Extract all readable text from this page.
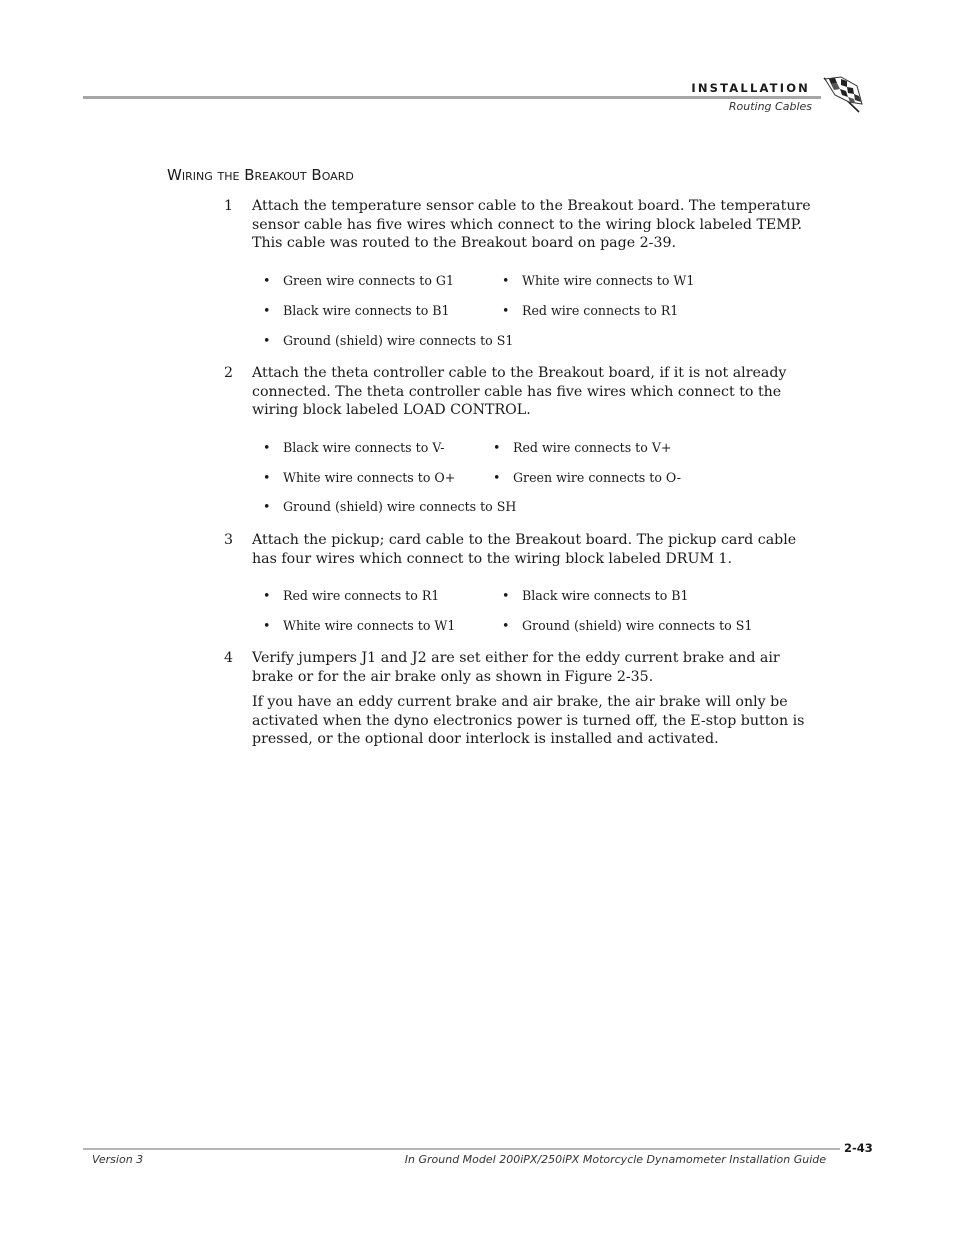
INSTALLATION
Routing Cables
Wiring the Breakout Board
1 Attach the temperature sensor cable to the Breakout board. The temperature sensor cable has five wires which connect to the wiring block labeled TEMP. This cable was routed to the Breakout board on page 2-39.
• Green wire connects to G1	• White wire connects to W1
• Black wire connects to B1	• Red wire connects to R1
• Ground (shield) wire connects to S1
2 Attach the theta controller cable to the Breakout board, if it is not already connected. The theta controller cable has five wires which connect to the wiring block labeled LOAD CONTROL.
• Black wire connects to V-	• Red wire connects to V+
• White wire connects to O+	• Green wire connects to O-
• Ground (shield) wire connects to SH
3 Attach the pickup; card cable to the Breakout board. The pickup card cable has four wires which connect to the wiring block labeled DRUM 1.
• Red wire connects to R1	• Black wire connects to B1
• White wire connects to W1	• Ground (shield) wire connects to S1
4 Verify jumpers J1 and J2 are set either for the eddy current brake and air brake or for the air brake only as shown in Figure 2-35.
If you have an eddy current brake and air brake, the air brake will only be activated when the dyno electronics power is turned off, the E-stop button is pressed, or the optional door interlock is installed and activated.
2-43
Version 3	In Ground Model 200iPX/250iPX Motorcycle Dynamometer Installation Guide
